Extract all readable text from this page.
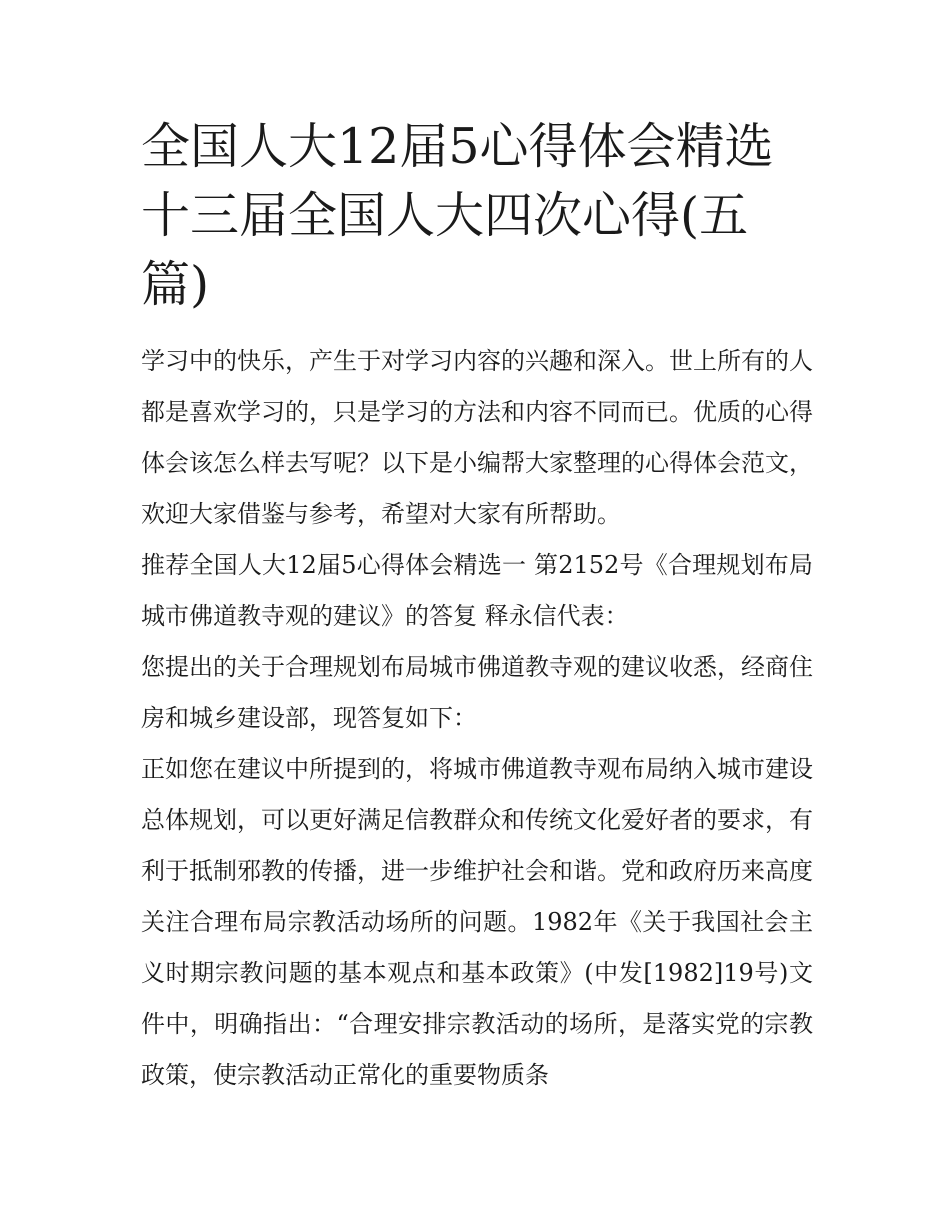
全国人大12届5心得体会精选十三届全国人大四次心得(五篇)

学习中的快乐，产生于对学习内容的兴趣和深入。世上所有的人都是喜欢学习的，只是学习的方法和内容不同而已。优质的心得体会该怎么样去写呢？以下是小编帮大家整理的心得体会范文，欢迎大家借鉴与参考，希望对大家有所帮助。

推荐全国人大12届5心得体会精选一 第2152号《合理规划布局城市佛道教寺观的建议》的答复 释永信代表：

您提出的关于合理规划布局城市佛道教寺观的建议收悉，经商住房和城乡建设部，现答复如下：

正如您在建议中所提到的，将城市佛道教寺观布局纳入城市建设总体规划，可以更好满足信教群众和传统文化爱好者的要求，有利于抵制邪教的传播，进一步维护社会和谐。党和政府历来高度关注合理布局宗教活动场所的问题。1982年《关于我国社会主义时期宗教问题的基本观点和基本政策》(中发[1982]19号)文件中，明确指出：“合理安排宗教活动的场所，是落实党的宗教政策，使宗教活动正常化的重要物质条
